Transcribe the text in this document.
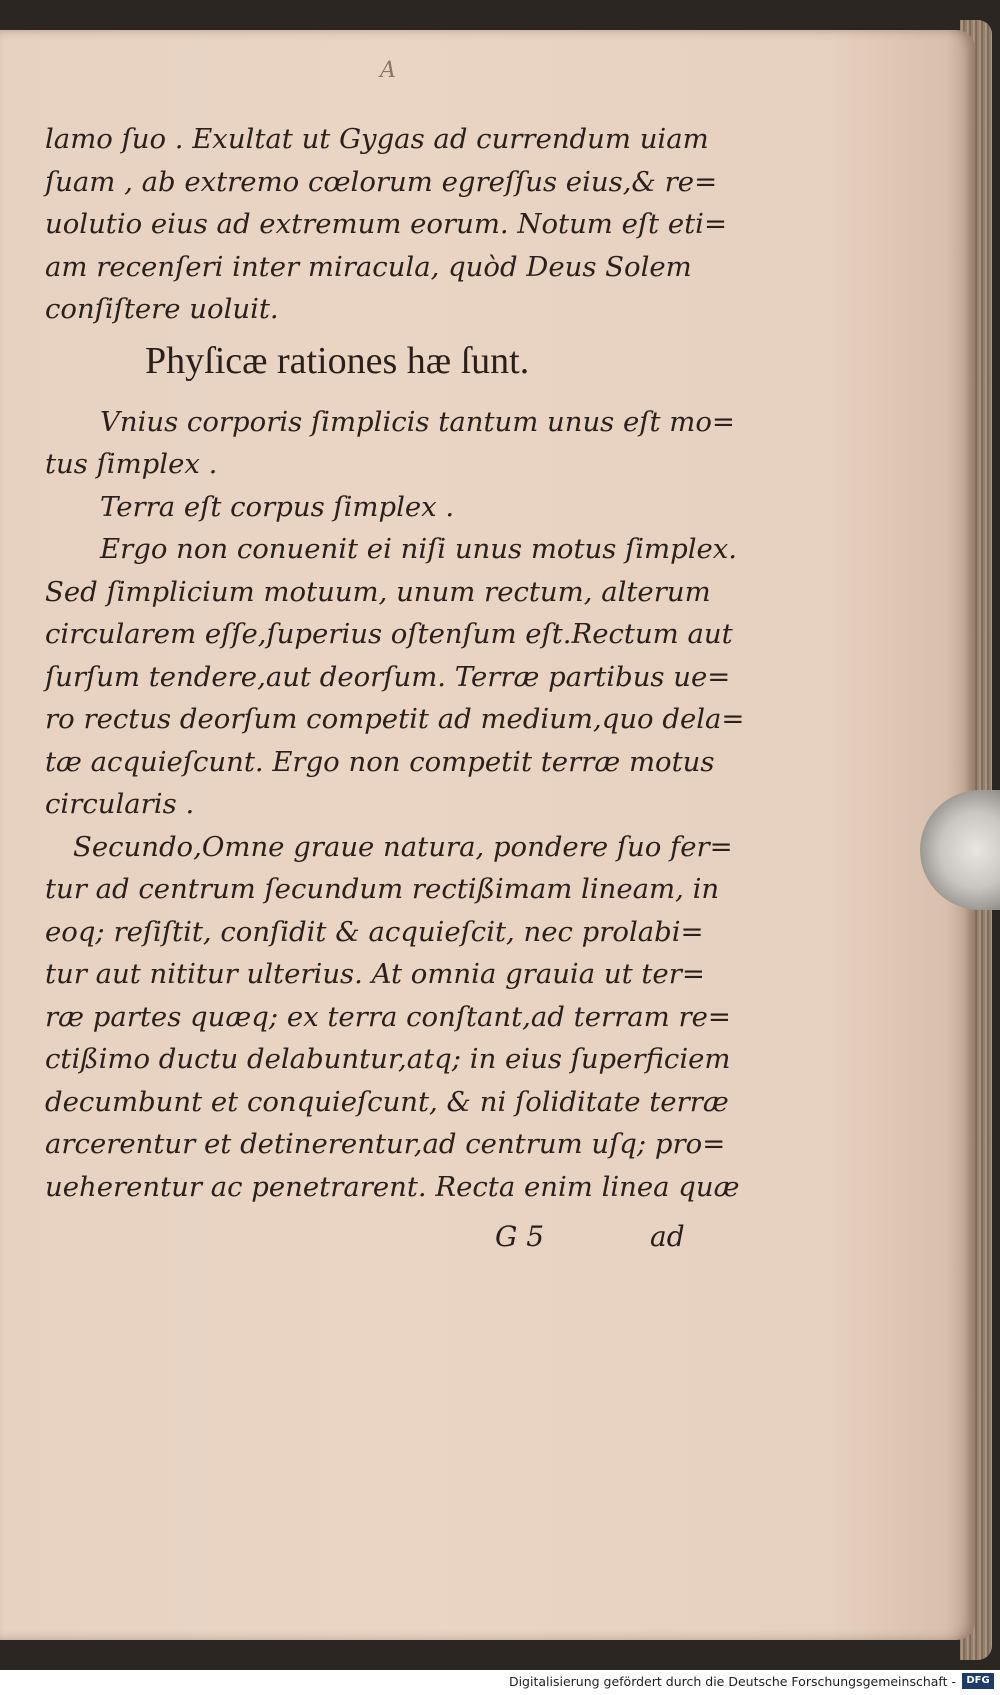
A
lamo ſuo . Exultat ut Gygas ad currendum uiam
ſuam , ab extremo cœlorum egreſſus eius,& re=
uolutio eius ad extremum eorum. Notum eſt eti=
am recenſeri inter miracula, quòd Deus Solem
conſiſtere uoluit.
Phyſicæ rationes hæ ſunt.
Vnius corporis ſimplicis tantum unus eſt mo=
tus ſimplex .
Terra eſt corpus ſimplex .
Ergo non conuenit ei niſi unus motus ſimplex.
Sed ſimplicium motuum, unum rectum, alterum
circularem eſſe,ſuperius oſtenſum eſt.Rectum aut
ſurſum tendere,aut deorſum. Terræ partibus ue=
ro rectus deorſum competit ad medium,quo dela=
tæ acquieſcunt. Ergo non competit terræ motus
circularis .
Secundo,Omne graue natura, pondere ſuo fer=
tur ad centrum ſecundum rectißimam lineam, in
eoq; reſiſtit, conſidit & acquieſcit, nec prolabi=
tur aut nititur ulterius. At omnia grauia ut ter=
ræ partes quæq; ex terra conſtant,ad terram re=
ctißimo ductu delabuntur,atq; in eius ſuperficiem
decumbunt et conquieſcunt, & ni ſoliditate terræ
arcerentur et detinerentur,ad centrum uſq; pro=
ueherentur ac penetrarent. Recta enim linea quæ
G 5	ad
Digitalisierung gefördert durch die Deutsche Forschungsgemeinschaft -	DFG
